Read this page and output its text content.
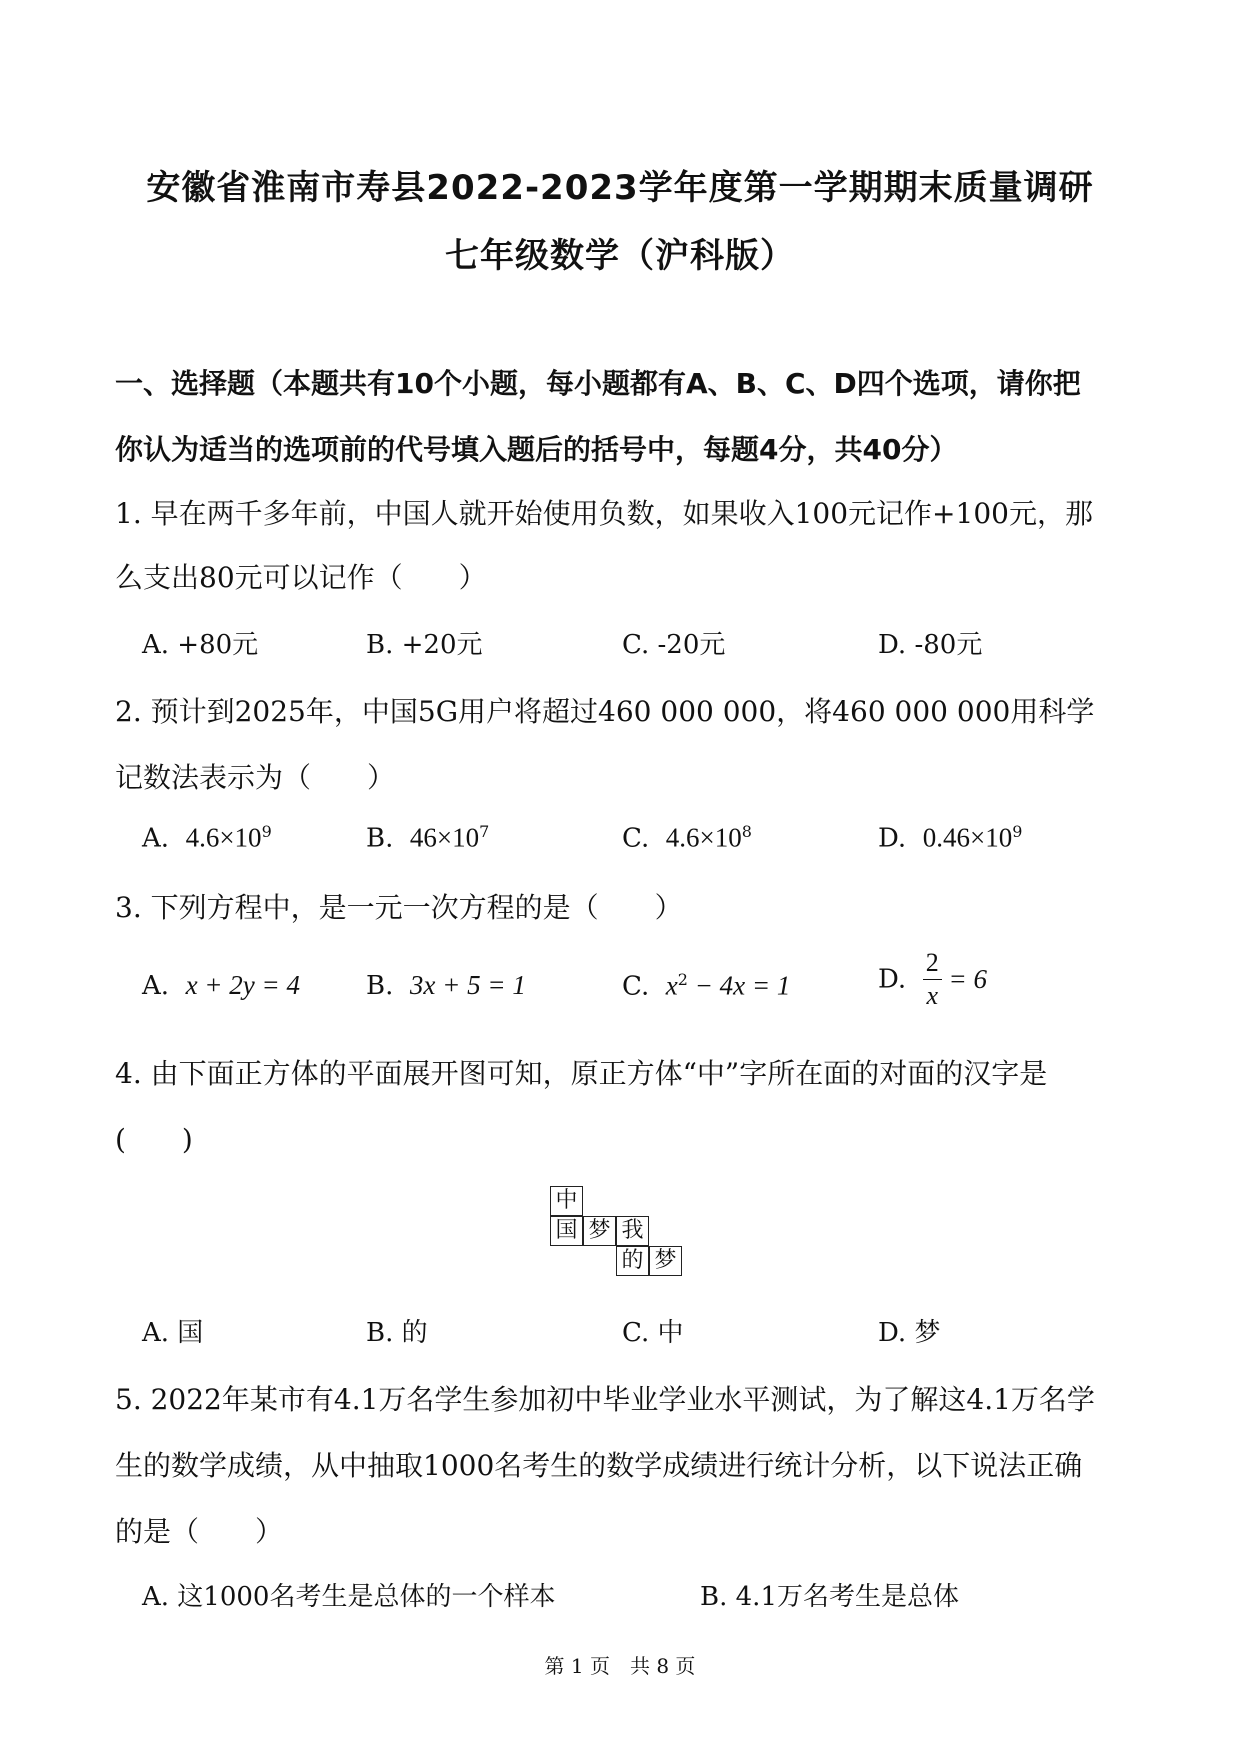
安徽省淮南市寿县2022-2023学年度第一学期期末质量调研
七年级数学（沪科版）
一、选择题（本题共有10个小题，每小题都有A、B、C、D四个选项，请你把
你认为适当的选项前的代号填入题后的括号中，每题4分，共40分）
1. 早在两千多年前，中国人就开始使用负数，如果收入100元记作+100元，那
么支出80元可以记作（　　）
A. +80元	B. +20元	C. -20元	D. -80元
2. 预计到2025年，中国5G用户将超过460 000 000，将460 000 000用科学
记数法表示为（　　）
A. $4.6\times 10^9$	B. $46\times 10^7$	C. $4.6\times 10^8$	D. $0.46\times 10^9$
3. 下列方程中，是一元一次方程的是（　　）
A. x + 2y = 4	B. 3x + 5 = 1	C. $x^2 - 4x = 1$	D. $\frac{2}{x} = 6$
4. 由下面正方体的平面展开图可知，原正方体“中”字所在面的对面的汉字是
(　　)
中
国 梦 我
的 梦
A. 国	B. 的	C. 中	D. 梦
5. 2022年某市有4.1万名学生参加初中毕业学业水平测试，为了解这4.1万名学
生的数学成绩，从中抽取1000名考生的数学成绩进行统计分析，以下说法正确
的是（　　）
A. 这1000名考生是总体的一个样本	B. 4.1万名考生是总体
第 1 页　共 8 页
